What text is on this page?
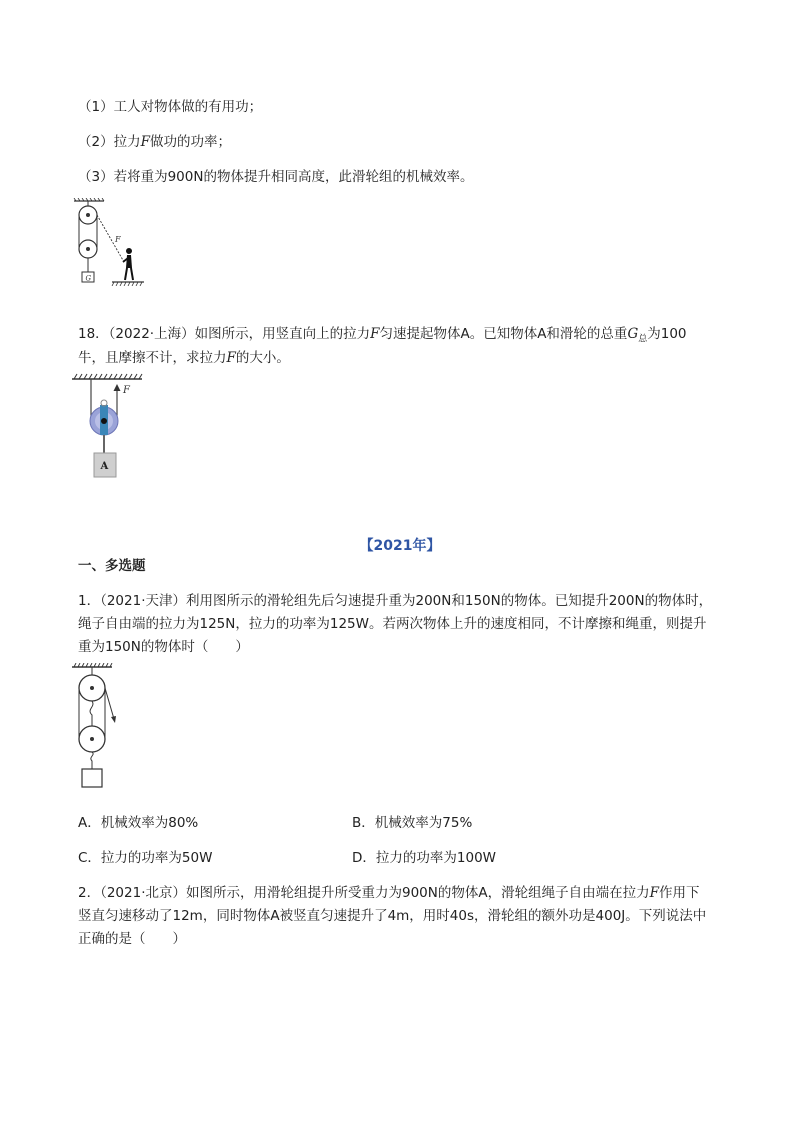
（1）工人对物体做的有用功；
（2）拉力F做功的功率；
（3）若将重为900N的物体提升相同高度，此滑轮组的机械效率。
G
F
18．（2022·上海）如图所示，用竖直向上的拉力F匀速提起物体A。已知物体A和滑轮的总重$G_总$为100
牛，且摩擦不计，求拉力F的大小。
F
A
【2021年】
一、多选题
1．（2021·天津）利用图所示的滑轮组先后匀速提升重为200N和150N的物体。已知提升200N的物体时，
绳子自由端的拉力为125N，拉力的功率为125W。若两次物体上升的速度相同，不计摩擦和绳重，则提升
重为150N的物体时（　　）
A．机械效率为80%	B．机械效率为75%
C．拉力的功率为50W	D．拉力的功率为100W
2．（2021·北京）如图所示，用滑轮组提升所受重力为900N的物体A，滑轮组绳子自由端在拉力F作用下
竖直匀速移动了12m，同时物体A被竖直匀速提升了4m，用时40s，滑轮组的额外功是400J。下列说法中
正确的是（　　）
